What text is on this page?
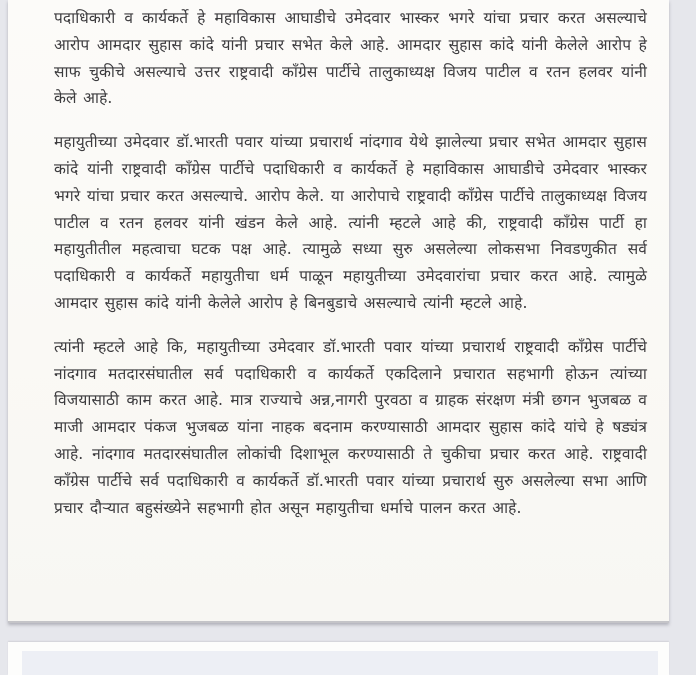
पदाधिकारी व कार्यकर्ते हे महाविकास आघाडीचे उमेदवार भास्कर भगरे यांचा प्रचार करत असल्याचे आरोप आमदार सुहास कांदे यांनी प्रचार सभेत केले आहे. आमदार सुहास कांदे यांनी केलेले आरोप हे साफ चुकीचे असल्याचे उत्तर राष्ट्रवादी काँग्रेस पार्टीचे तालुकाध्यक्ष विजय पाटील व रतन हलवर यांनी केले आहे.

महायुतीच्या उमेदवार डॉ.भारती पवार यांच्या प्रचारार्थ नांदगाव येथे झालेल्या प्रचार सभेत आमदार सुहास कांदे यांनी राष्ट्रवादी काँग्रेस पार्टीचे पदाधिकारी व कार्यकर्ते हे महाविकास आघाडीचे उमेदवार भास्कर भगरे यांचा प्रचार करत असल्याचे. आरोप केले. या आरोपाचे राष्ट्रवादी काँग्रेस पार्टीचे तालुकाध्यक्ष विजय पाटील व रतन हलवर यांनी खंडन केले आहे. त्यांनी म्हटले आहे की, राष्ट्रवादी काँग्रेस पार्टी हा महायुतीतील महत्वाचा घटक पक्ष आहे. त्यामुळे सध्या सुरु असलेल्या लोकसभा निवडणुकीत सर्व पदाधिकारी व कार्यकर्ते महायुतीचा धर्म पाळून महायुतीच्या उमेदवारांचा प्रचार करत आहे. त्यामुळे आमदार सुहास कांदे यांनी केलेले आरोप हे बिनबुडाचे असल्याचे त्यांनी म्हटले आहे.

त्यांनी म्हटले आहे कि, महायुतीच्या उमेदवार डॉ.भारती पवार यांच्या प्रचारार्थ राष्ट्रवादी काँग्रेस पार्टीचे नांदगाव मतदारसंघातील सर्व पदाधिकारी व कार्यकर्ते एकदिलाने प्रचारात सहभागी होऊन त्यांच्या विजयासाठी काम करत आहे. मात्र राज्याचे अन्न,नागरी पुरवठा व ग्राहक संरक्षण मंत्री छगन भुजबळ व माजी आमदार पंकज भुजबळ यांना नाहक बदनाम करण्यासाठी आमदार सुहास कांदे यांचे हे षड्यंत्र आहे. नांदगाव मतदारसंघातील लोकांची दिशाभूल करण्यासाठी ते चुकीचा प्रचार करत आहे. राष्ट्रवादी काँग्रेस पार्टीचे सर्व पदाधिकारी व कार्यकर्ते डॉ.भारती पवार यांच्या प्रचारार्थ सुरु असलेल्या सभा आणि प्रचार दौऱ्यात बहुसंख्येने सहभागी होत असून महायुतीचा धर्माचे पालन करत आहे.
